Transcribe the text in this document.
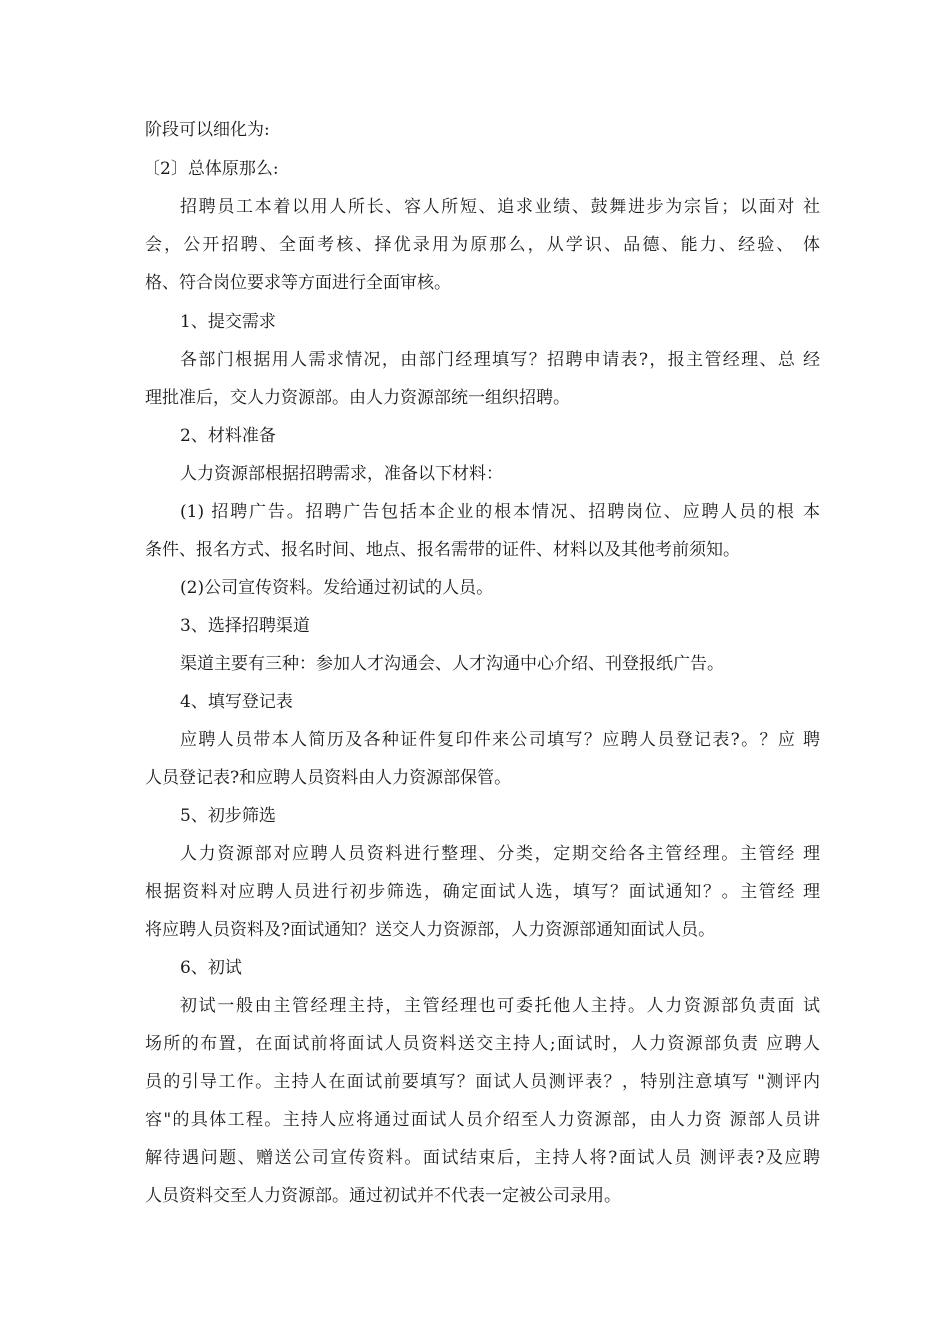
阶段可以细化为:
〔2〕总体原那么:
招聘员工本着以用人所长、容人所短、追求业绩、鼓舞进步为宗旨；以面对 社
会，公开招聘、全面考核、择优录用为原那么，从学识、品德、能力、经验、 体
格、符合岗位要求等方面进行全面审核。
1、提交需求
各部门根据用人需求情况，由部门经理填写？招聘申请表?，报主管经理、总 经
理批准后，交人力资源部。由人力资源部统一组织招聘。
2、材料准备
人力资源部根据招聘需求，准备以下材料：
(1) 招聘广告。招聘广告包括本企业的根本情况、招聘岗位、应聘人员的根 本
条件、报名方式、报名时间、地点、报名需带的证件、材料以及其他考前须知。
(2)公司宣传资料。发给通过初试的人员。
3、选择招聘渠道
渠道主要有三种：参加人才沟通会、人才沟通中心介绍、刊登报纸广告。
4、填写登记表
应聘人员带本人简历及各种证件复印件来公司填写？应聘人员登记表?。？应 聘
人员登记表?和应聘人员资料由人力资源部保管。
5、初步筛选
人力资源部对应聘人员资料进行整理、分类，定期交给各主管经理。主管经 理
根据资料对应聘人员进行初步筛选，确定面试人选，填写？面试通知？。主管经 理
将应聘人员资料及?面试通知？送交人力资源部，人力资源部通知面试人员。
6、初试
初试一般由主管经理主持，主管经理也可委托他人主持。人力资源部负责面 试
场所的布置，在面试前将面试人员资料送交主持人;面试时，人力资源部负责 应聘人
员的引导工作。主持人在面试前要填写？面试人员测评表？，特别注意填写 "测评内
容"的具体工程。主持人应将通过面试人员介绍至人力资源部，由人力资 源部人员讲
解待遇问题、赠送公司宣传资料。面试结束后，主持人将?面试人员 测评表?及应聘
人员资料交至人力资源部。通过初试并不代表一定被公司录用。
